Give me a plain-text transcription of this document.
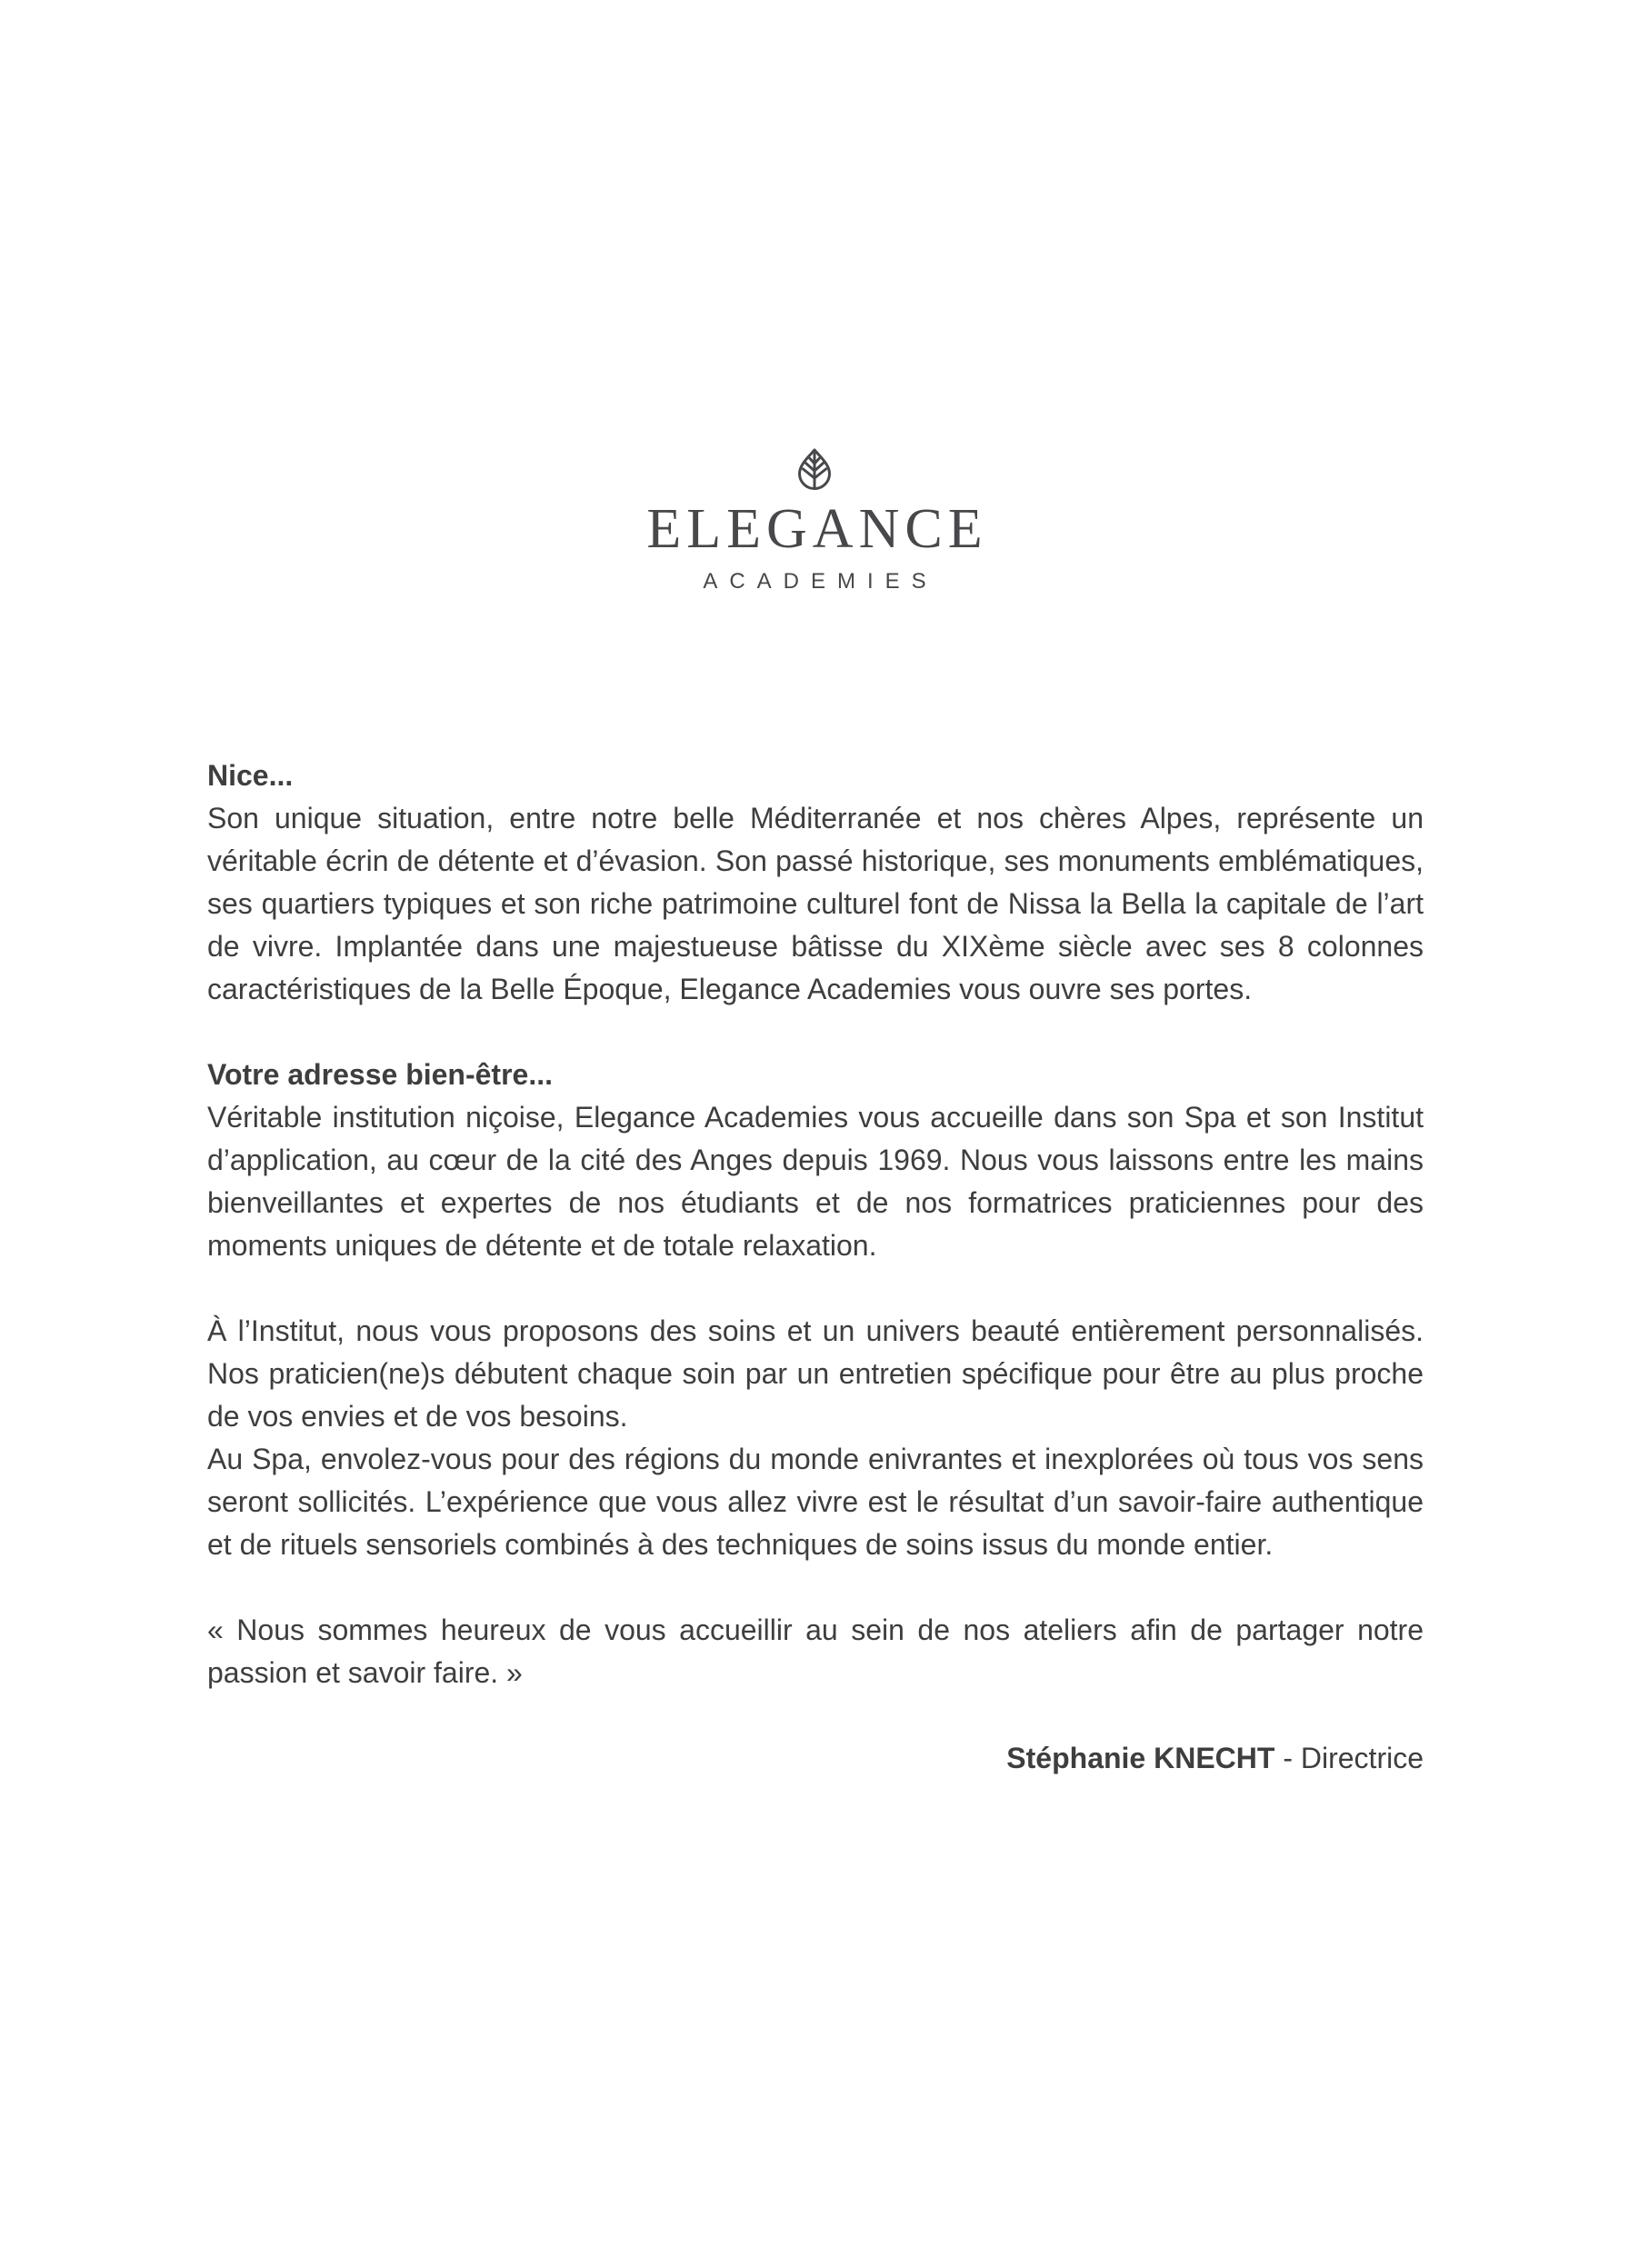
ELEGANCE
ACADEMIES
Nice...

Son unique situation, entre notre belle Méditerranée et nos chères Alpes, représente un véritable écrin de détente et d’évasion. Son passé historique, ses monuments emblématiques, ses quartiers typiques et son riche patrimoine culturel font de Nissa la Bella la capitale de l’art de vivre. Implantée dans une majestueuse bâtisse du XIXème siècle avec ses 8 colonnes caractéristiques de la Belle Époque, Elegance Academies vous ouvre ses portes.

Votre adresse bien-être...

Véritable institution niçoise, Elegance Academies vous accueille dans son Spa et son Institut d’application, au cœur de la cité des Anges depuis 1969. Nous vous laissons entre les mains bienveillantes et expertes de nos étudiants et de nos formatrices praticiennes pour des moments uniques de détente et de totale relaxation.

À l’Institut, nous vous proposons des soins et un univers beauté entièrement personnalisés. Nos praticien(ne)s débutent chaque soin par un entretien spécifique pour être au plus proche de vos envies et de vos besoins.

Au Spa, envolez-vous pour des régions du monde enivrantes et inexplorées où tous vos sens seront sollicités. L’expérience que vous allez vivre est le résultat d’un savoir-faire authentique et de rituels sensoriels combinés à des techniques de soins issus du monde entier.

« Nous sommes heureux de vous accueillir au sein de nos ateliers afin de partager notre passion et savoir faire. »

Stéphanie KNECHT - Directrice
